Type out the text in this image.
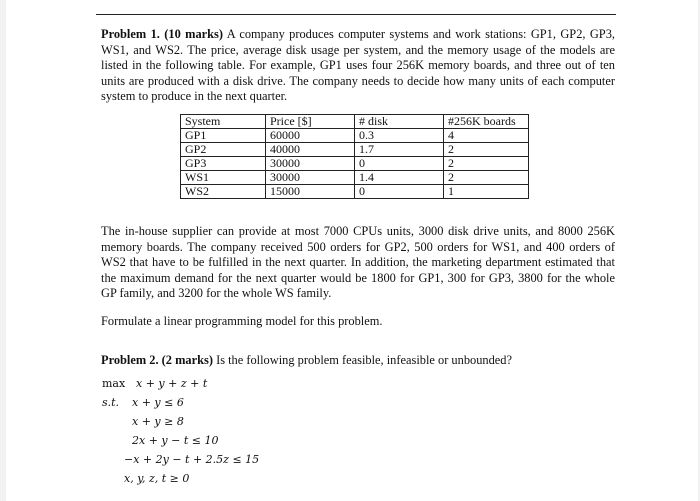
Problem 1. (10 marks) A company produces computer systems and work stations: GP1, GP2, GP3, WS1, and WS2. The price, average disk usage per system, and the memory usage of the models are listed in the following table. For example, GP1 uses four 256K memory boards, and three out of ten units are produced with a disk drive. The company needs to decide how many units of each computer system to produce in the next quarter.

System	Price [$]	# disk	#256K boards
GP1	60000	0.3	4
GP2	40000	1.7	2
GP3	30000	0	2
WS1	30000	1.4	2
WS2	15000	0	1

The in-house supplier can provide at most 7000 CPUs units, 3000 disk drive units, and 8000 256K memory boards. The company received 500 orders for GP2, 500 orders for WS1, and 400 orders of WS2 that have to be fulfilled in the next quarter. In addition, the marketing department estimated that the maximum demand for the next quarter would be 1800 for GP1, 300 for GP3, 3800 for the whole GP family, and 3200 for the whole WS family.

Formulate a linear programming model for this problem.

Problem 2. (2 marks) Is the following problem feasible, infeasible or unbounded?

max x + y + z + t
s.t. x + y ≤ 6
x + y ≥ 8
2x + y − t ≤ 10
−x + 2y − t + 2.5z ≤ 15
x, y, z, t ≥ 0
